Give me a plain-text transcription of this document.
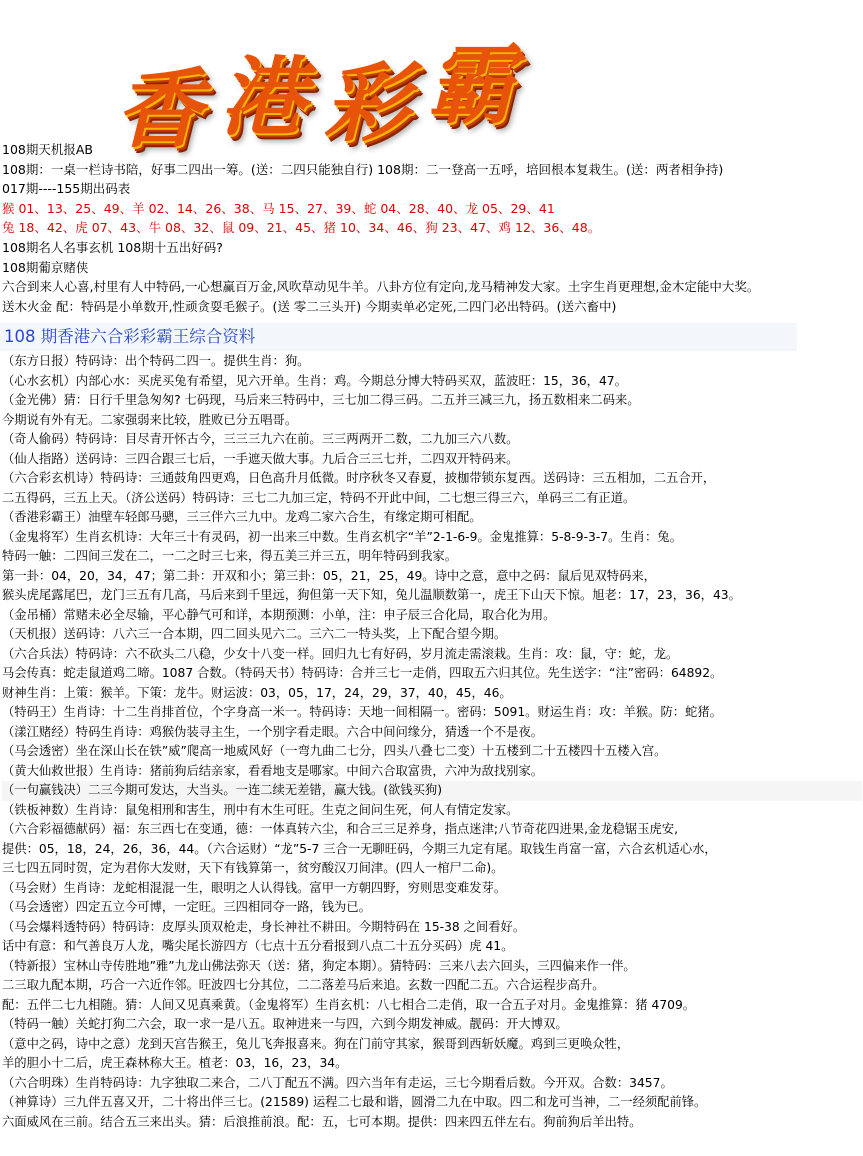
香
港
彩
霸
108期天机报AB
108期：一桌一栏诗书陪，好事二四出一筹。(送：二四只能独自行) 108期：二一登高一五呼，培回根本复栽生。(送：两者相争持)
017期----155期出码表
猴 01、13、25、49、羊 02、14、26、38、马 15、27、39、蛇 04、28、40、龙 05、29、41
兔 18、42、虎 07、43、牛 08、32、鼠 09、21、45、猪 10、34、46、狗 23、47、鸡 12、36、48。
108期名人名事玄机 108期十五出好码?
108期葡京赌侠
六合到来人心喜,村里有人中特码,一心想赢百万金,风吹草动见牛羊。八卦方位有定向,龙马精神发大家。土字生肖更理想,金木定能中大奖。
送木火金 配：特码是小单数开,性顽贪耍毛猴子。(送 零二三头开) 今期卖单必定死,二四门必出特码。(送六畜中)
108 期香港六合彩彩霸王综合资料
（东方日报）特码诗：出个特码二四一。提供生肖：狗。
（心水玄机）内部心水：买虎买兔有希望，见六开单。生肖：鸡。今期总分博大特码买双，蓝波旺：15，36，47。
（金光佛）猜：日行千里急匆匆? 七码现，马后来三特码中，三七加二得三码。二五并三减三九，扬五数相来二码来。
今期说有外有无。二家强弱来比较，胜败已分五唱哥。
（奇人偷码）特码诗：目尽青开怀古今，三三三九六在前。三三两两开二数，二九加三六八数。
（仙人指路）送码诗：三四合跟三七后，一手遮天做大事。九后合三三七并，二四双开特码来。
（六合彩玄机诗）特码诗：三通鼓角四更鸡，日色高升月低微。时序秋冬又春夏，披枷带锁东复西。送码诗：三五相加，二五合开，
二五得码，三五上天。（济公送码）特码诗：三七二九加三定，特码不开此中间，二七想三得三六，单码三二有正道。
（香港彩霸王）油壁车轻郎马骢，三三伴六三九中。龙鸡二家六合生，有缘定期可相配。
（金鬼将军）生肖玄机诗：大年三十有灵码，初一出来三中数。生肖玄机字“羊”2-1-6-9。金鬼推算：5-8-9-3-7。生肖：兔。
特码一触：二四间三发在二，一二之时三七来，得五美三并三五，明年特码到我家。
第一卦：04，20，34，47；第二卦：开双和小；第三卦：05，21，25，49。诗中之意，意中之码：鼠后见双特码来，
猴头虎尾露尾巴，龙门三五有几高，马后来到千里远，狗但第一天下知，兔儿温顺数第一，虎王下山天下惊。旭老：17，23，36，43。
（金吊桶）常赌未必全尽输，平心静气可和详，本期预测：小单，注：申子辰三合化局，取合化为用。
（天机报）送码诗：八六三一合本期，四二回头见六二。三六二一特头奖，上下配合望今期。
（六合兵法）特码诗：六不砍头二八稳，少女十八变一样。回归九七有好码，岁月流走需滚栽。生肖：攻：鼠，守：蛇，龙。
马会传真：蛇走鼠道鸡二啼。1087 合数。（特码天书）特码诗：合并三七一走俏，四取五六归其位。先生送字：“注”密码：64892。
财神生肖：上策：猴羊。下策：龙牛。财运波：03，05，17，24，29，37，40，45，46。
（特码王）生肖诗：十二生肖排首位，个字身高一米一。特码诗：天地一间相隔一。密码：5091。财运生肖：攻：羊猴。防：蛇猪。
（漾江赌经）特码生肖诗：鸡猴伪装寻主生，一个别字看走眼。六合中间问缘分，猜透一个不是夜。
（马会透密）坐在深山长在铁”威”爬高一地威风好（一弯九曲二七分，四头八叠七二变）十五楼到二十五楼四十五楼入宫。
（黄大仙救世报）生肖诗：猪前狗后结亲家，看看地支是哪家。中间六合取富贵，六冲为敌找别家。
（一句赢钱决）二三今期可发达，大当头。一连二续无差错，赢大钱。(欲钱买狗)
（铁板神数）生肖诗：鼠兔相刑和害生，刑中有木生可旺。生克之间问生死，何人有情定发家。
（六合彩福德献码）福：东三西七在变通，德：一体真转六尘，和合三三足养身，指点迷津;八节奇花四进果,金龙稳锯玉虎安,
提供：05，18，24，26，36，44。（六合运财）“龙”5-7 三合一无聊旺码，今期三九定有尾。取钱生肖富一富，六合玄机适心水，
三七四五同时贺，定为君你大发财，天下有钱算第一，贫穷酸汉刀间津。(四人一棺尸二命)。
（马会财）生肖诗：龙蛇相混混一生，眼明之人认得钱。富甲一方朝四野，穷则思变难发芽。
（马会透密）四定五立今可博，一定旺。三四相同夺一路，钱为已。
（马会爆料透特码）特码诗：皮厚头顶双枪走，身长神社不耕田。今期特码在 15-38 之间看好。
话中有意：和气善良万人龙，嘴尖尾长游四方（七点十五分看报到八点二十五分买码）虎 41。
（特新报）宝林山寺传胜地”雅”九龙山佛法弥天（送：猪，狗定本期）。猜特码：三来八去六回头，三四偏来作一伴。
二三取九配本期，巧合一六近作邻。旺波四七分其位，二二落差马后来追。玄数一四配二五。六合运程步高升。
配：五伴二七九相随。猜：人间又见真乘黄。（金鬼将军）生肖玄机：八七相合二走俏，取一合五子对月。金鬼推算：猪 4709。
（特码一触）关蛇打狗二六会，取一求一是八五。取神进来一与四，六到今期发神威。靓码：开大博双。
（意中之码，诗中之意）龙到天宫告猴王，兔儿飞奔报喜来。狗在门前守其家，猴哥到西斩妖魔。鸡到三更唤众牲，
羊的胆小十二后，虎王森林称大王。植老：03，16，23，34。
（六合明珠）生肖特码诗：九字独取二来合，二八丁配五不满。四六当年有走运，三七今期看后数。今开双。合数：3457。
（神算诗）三九伴五喜又开，二十将出伴三七。(21589) 运程二七最和谐，圆滑二九在中取。四二和龙可当神，二一经须配前锋。
六面威风在三前。结合五三来出头。猜：后浪推前浪。配：五，七可本期。提供：四来四五伴左右。狗前狗后羊出特。
